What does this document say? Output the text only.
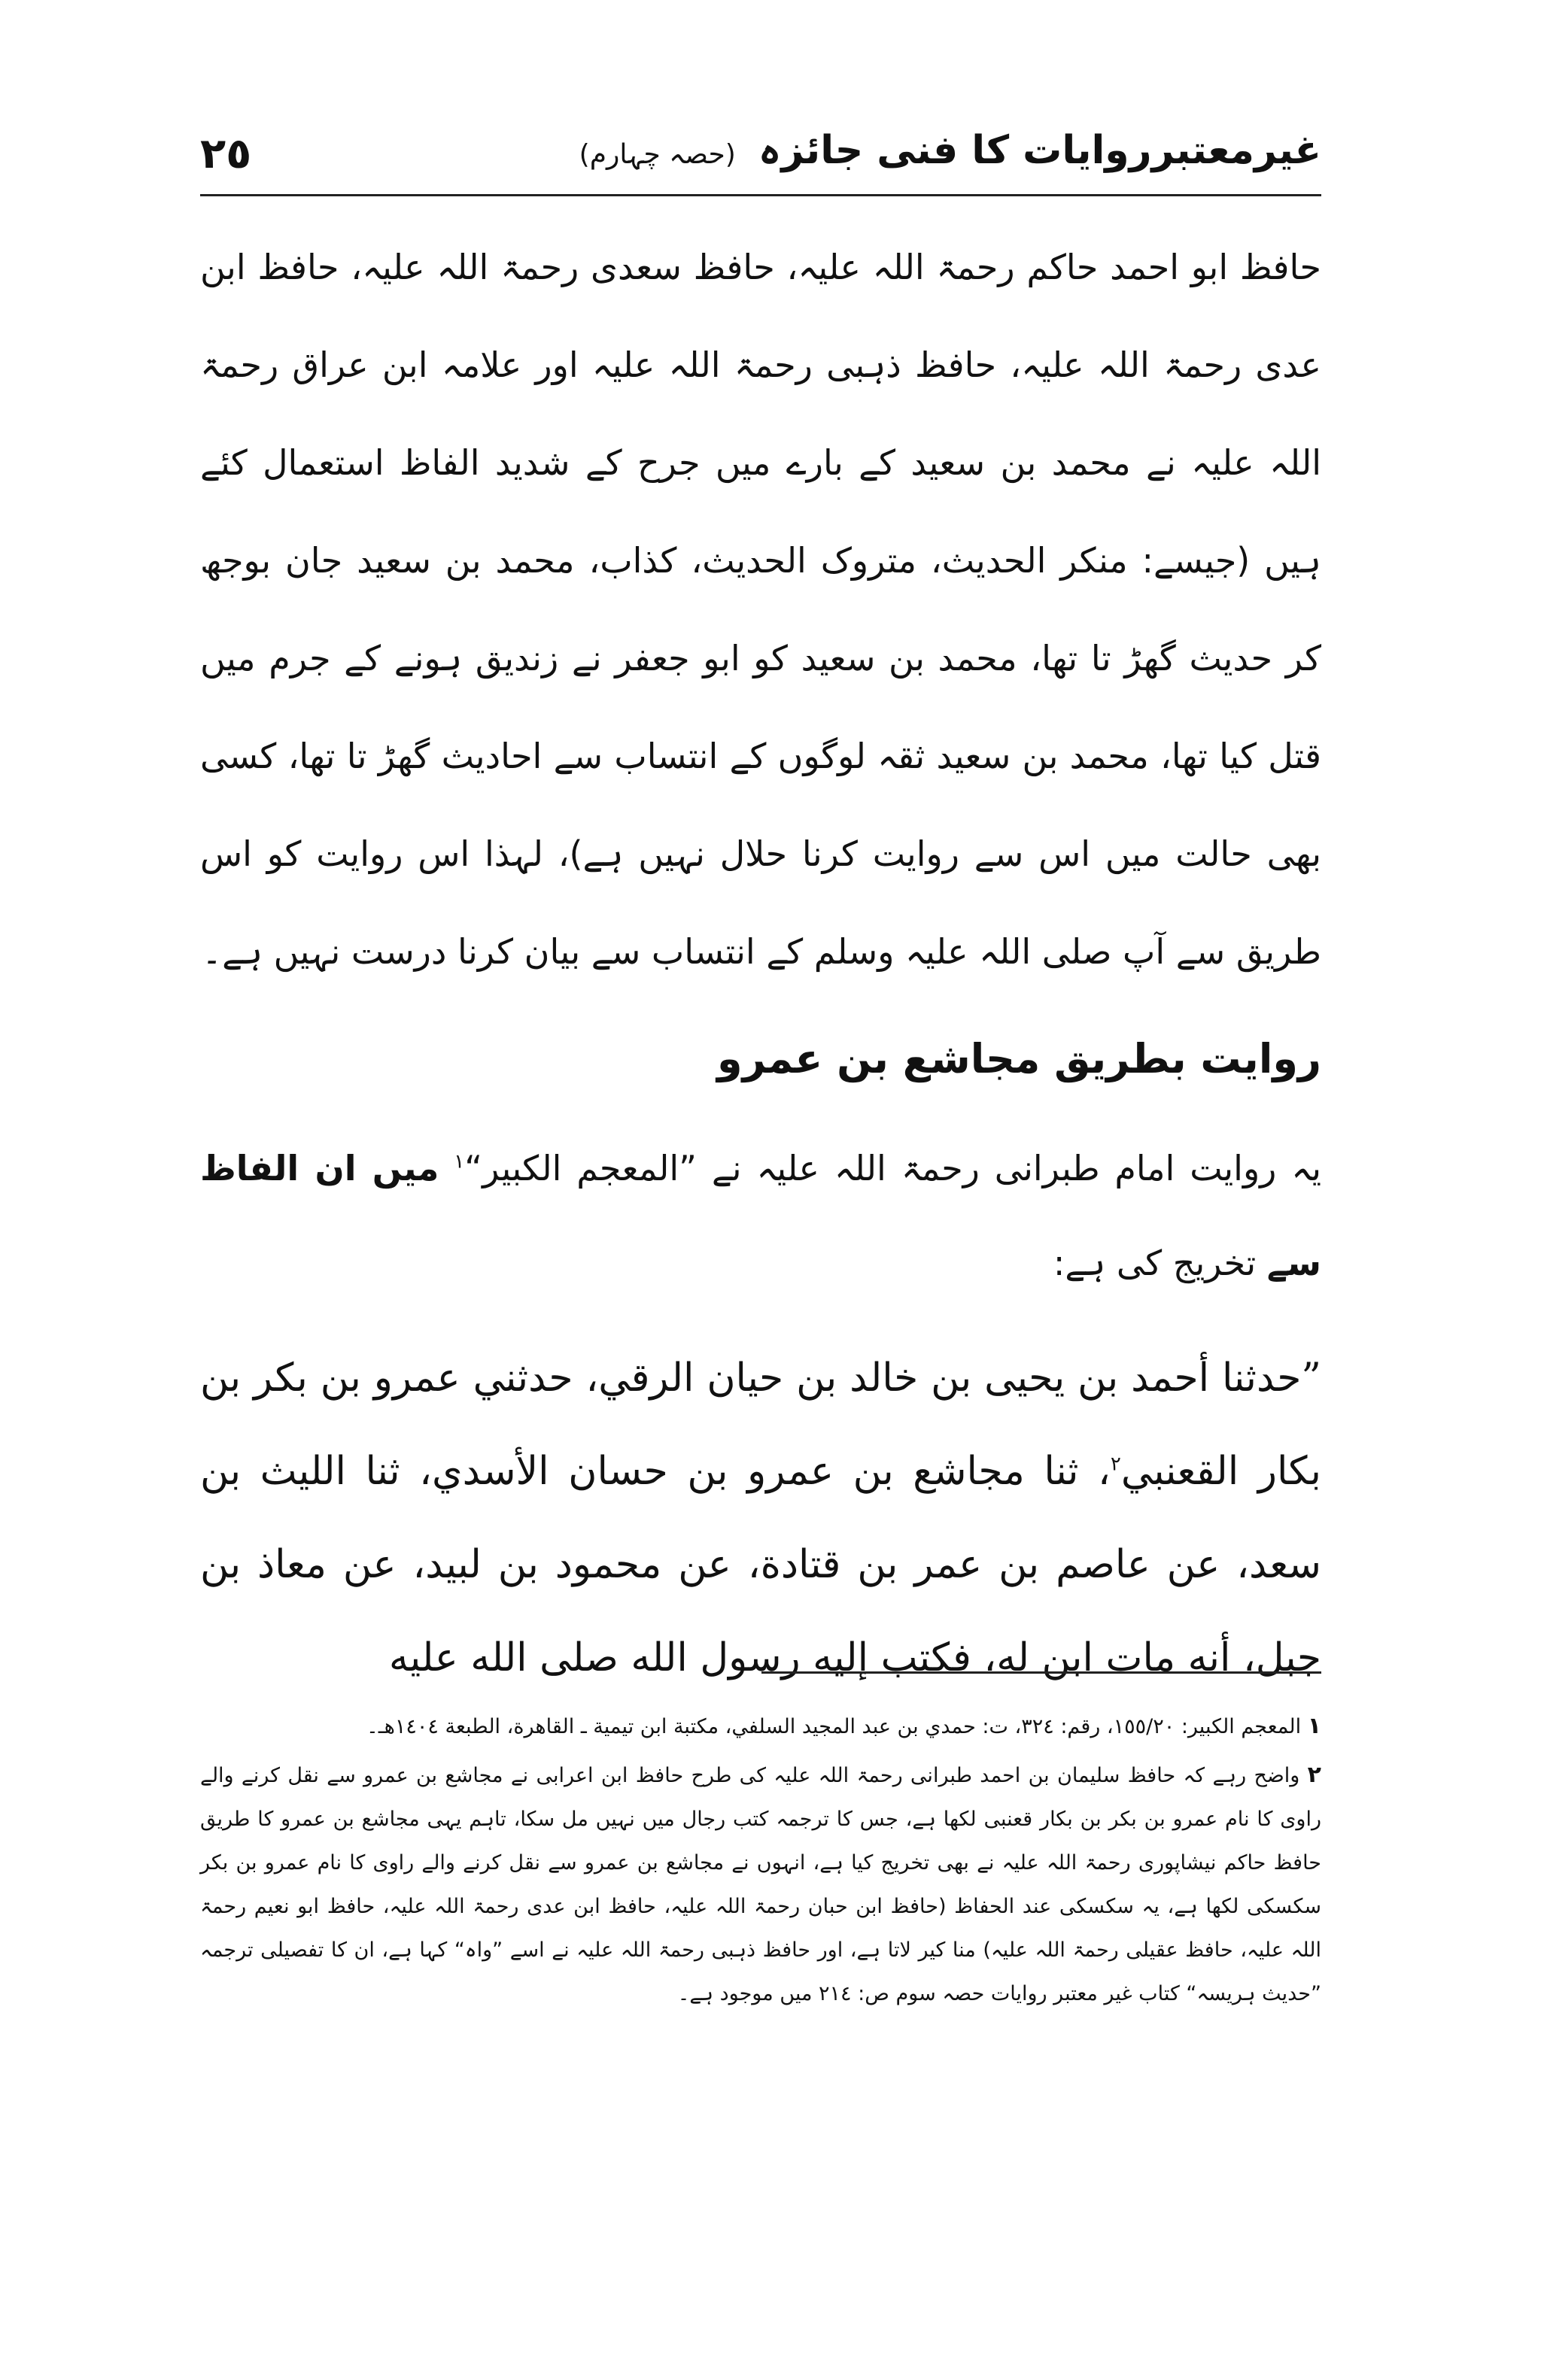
٢٥	غیرمعتبرروایات کا فنی جائزہ (حصہ چہارم)

حافظ ابو احمد حاکم رحمۃ اللہ علیہ، حافظ سعدی رحمۃ اللہ علیہ، حافظ ابن عدی رحمۃ اللہ علیہ، حافظ ذہبی رحمۃ اللہ علیہ اور علامہ ابن عراق رحمۃ اللہ علیہ نے محمد بن سعید کے بارے میں جرح کے شدید الفاظ استعمال کئے ہیں (جیسے: منکر الحدیث، متروک الحدیث، کذاب، محمد بن سعید جان بوجھ کر حدیث گھڑ تا تھا، محمد بن سعید کو ابو جعفر نے زندیق ہونے کے جرم میں قتل کیا تھا، محمد بن سعید ثقہ لوگوں کے انتساب سے احادیث گھڑ تا تھا، کسی بھی حالت میں اس سے روایت کرنا حلال نہیں ہے)، لہذا اس روایت کو اس طریق سے آپ صلی اللہ علیہ وسلم کے انتساب سے بیان کرنا درست نہیں ہے۔

روایت بطریق مجاشع بن عمرو

یہ روایت امام طبرانی رحمۃ اللہ علیہ نے ”المعجم الکبیر“$^١$ میں ان الفاظ سے تخریج کی ہے:

”حدثنا أحمد بن يحيى بن خالد بن حيان الرقي، حدثني عمرو بن بكر بن بكار القعنبي$^٢$، ثنا مجاشع بن عمرو بن حسان الأسدي، ثنا الليث بن سعد، عن عاصم بن عمر بن قتادة، عن محمود بن لبيد، عن معاذ بن جبل، أنه مات ابن له، فكتب إليه رسول الله صلى الله عليه

١ المعجم الكبير: ١٥٥/٢٠، رقم: ٣٢٤، ت: حمدي بن عبد المجيد السلفي، مكتبة ابن تيمية ـ القاهرة، الطبعة ١٤٠٤هـ۔

٢ واضح رہے کہ حافظ سلیمان بن احمد طبرانی رحمۃ اللہ علیہ کی طرح حافظ ابن اعرابی نے مجاشع بن عمرو سے نقل کرنے والے راوی کا نام عمرو بن بکر بن بکار قعنبی لکھا ہے، جس کا ترجمہ کتب رجال میں نہیں مل سکا، تاہم یہی مجاشع بن عمرو کا طریق حافظ حاکم نیشاپوری رحمۃ اللہ علیہ نے بھی تخریج کیا ہے، انہوں نے مجاشع بن عمرو سے نقل کرنے والے راوی کا نام عمرو بن بکر سکسکی لکھا ہے، یہ سکسکی عند الحفاظ (حافظ ابن حبان رحمۃ اللہ علیہ، حافظ ابن عدی رحمۃ اللہ علیہ، حافظ ابو نعیم رحمۃ اللہ علیہ، حافظ عقیلی رحمۃ اللہ علیہ) منا کیر لاتا ہے، اور حافظ ذہبی رحمۃ اللہ علیہ نے اسے ”واہ“ کہا ہے، ان کا تفصیلی ترجمہ ”حدیث ہریسہ“ کتاب غیر معتبر روایات حصہ سوم ص: ٢١٤ میں موجود ہے۔
